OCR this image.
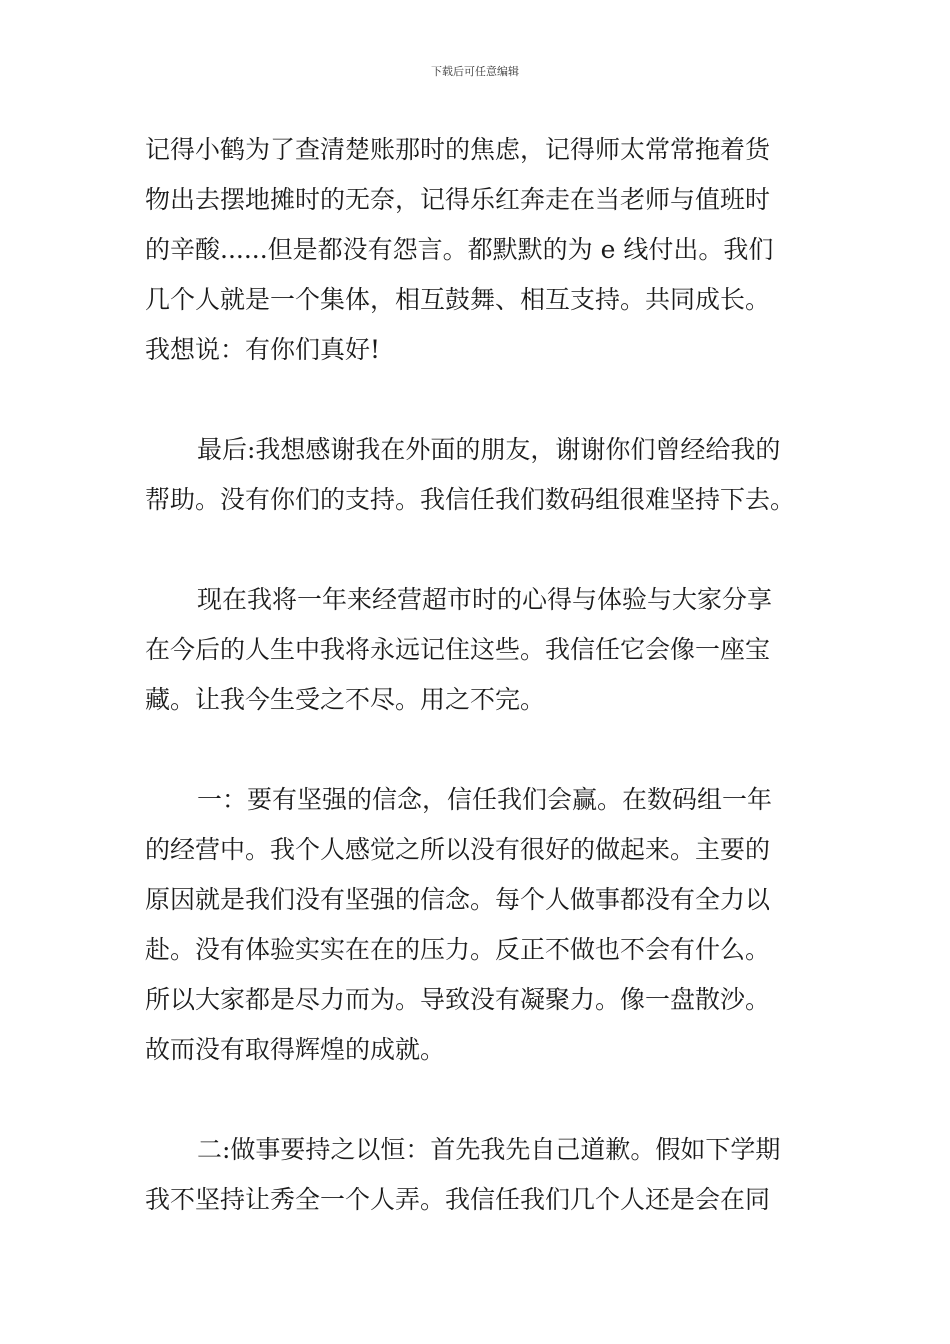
下载后可任意编辑
记得小鹤为了查清楚账那时的焦虑，记得师太常常拖着货
物出去摆地摊时的无奈，记得乐红奔走在当老师与值班时
的辛酸......但是都没有怨言。都默默的为 e 线付出。我们
几个人就是一个集体，相互鼓舞、相互支持。共同成长。
我想说：有你们真好!
最后:我想感谢我在外面的朋友，谢谢你们曾经给我的
帮助。没有你们的支持。我信任我们数码组很难坚持下去。
现在我将一年来经营超市时的心得与体验与大家分享
在今后的人生中我将永远记住这些。我信任它会像一座宝
藏。让我今生受之不尽。用之不完。
一：要有坚强的信念，信任我们会赢。在数码组一年
的经营中。我个人感觉之所以没有很好的做起来。主要的
原因就是我们没有坚强的信念。每个人做事都没有全力以
赴。没有体验实实在在的压力。反正不做也不会有什么。
所以大家都是尽力而为。导致没有凝聚力。像一盘散沙。
故而没有取得辉煌的成就。
二:做事要持之以恒：首先我先自己道歉。假如下学期
我不坚持让秀全一个人弄。我信任我们几个人还是会在同
